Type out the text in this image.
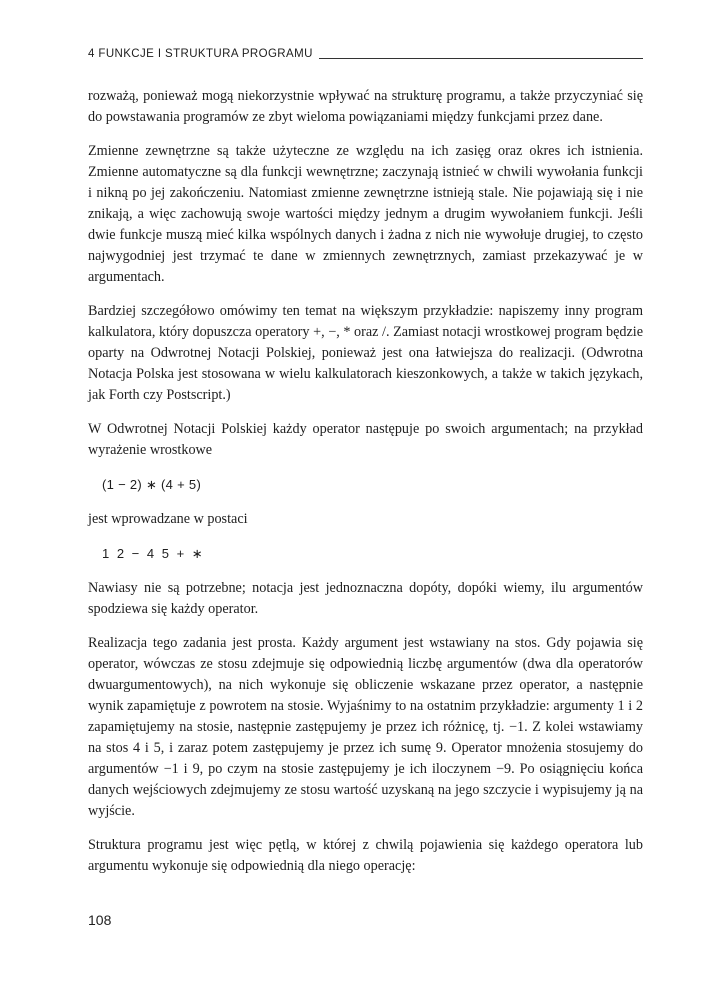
4 FUNKCJE I STRUKTURA PROGRAMU

rozważą, ponieważ mogą niekorzystnie wpływać na strukturę programu, a także przyczyniać się do powstawania programów ze zbyt wieloma powiązaniami między funkcjami przez dane.

Zmienne zewnętrzne są także użyteczne ze względu na ich zasięg oraz okres ich istnienia. Zmienne automatyczne są dla funkcji wewnętrzne; zaczynają istnieć w chwili wywołania funkcji i nikną po jej zakończeniu. Natomiast zmienne zewnętrzne istnieją stale. Nie pojawiają się i nie znikają, a więc zachowują swoje wartości między jednym a drugim wywołaniem funkcji. Jeśli dwie funkcje muszą mieć kilka wspólnych danych i żadna z nich nie wywołuje drugiej, to często najwygodniej jest trzymać te dane w zmiennych zewnętrznych, zamiast przekazywać je w argumentach.

Bardziej szczegółowo omówimy ten temat na większym przykładzie: napiszemy inny program kalkulatora, który dopuszcza operatory +, −, * oraz /. Zamiast notacji wrostkowej program będzie oparty na Odwrotnej Notacji Polskiej, ponieważ jest ona łatwiejsza do realizacji. (Odwrotna Notacja Polska jest stosowana w wielu kalkulatorach kieszonkowych, a także w takich językach, jak Forth czy Postscript.)

W Odwrotnej Notacji Polskiej każdy operator następuje po swoich argumentach; na przykład wyrażenie wrostkowe

(1 − 2) ∗ (4 + 5)

jest wprowadzane w postaci

1 2 − 4 5 + ∗

Nawiasy nie są potrzebne; notacja jest jednoznaczna dopóty, dopóki wiemy, ilu argumentów spodziewa się każdy operator.

Realizacja tego zadania jest prosta. Każdy argument jest wstawiany na stos. Gdy pojawia się operator, wówczas ze stosu zdejmuje się odpowiednią liczbę argumentów (dwa dla operatorów dwuargumentowych), na nich wykonuje się obliczenie wskazane przez operator, a następnie wynik zapamiętuje z powrotem na stosie. Wyjaśnimy to na ostatnim przykładzie: argumenty 1 i 2 zapamiętujemy na stosie, następnie zastępujemy je przez ich różnicę, tj. −1. Z kolei wstawiamy na stos 4 i 5, i zaraz potem zastępujemy je przez ich sumę 9. Operator mnożenia stosujemy do argumentów −1 i 9, po czym na stosie zastępujemy je ich iloczynem −9. Po osiągnięciu końca danych wejściowych zdejmujemy ze stosu wartość uzyskaną na jego szczycie i wypisujemy ją na wyjście.

Struktura programu jest więc pętlą, w której z chwilą pojawienia się każdego operatora lub argumentu wykonuje się odpowiednią dla niego operację:

108
